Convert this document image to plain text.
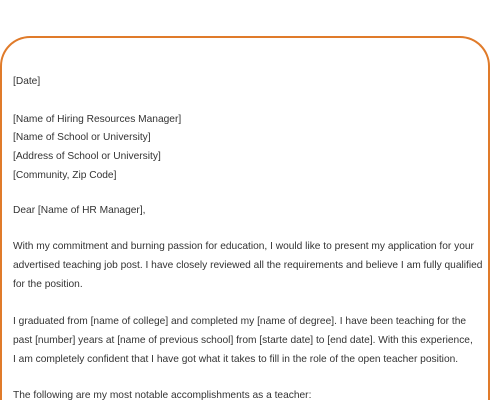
[Date]
[Name of Hiring Resources Manager]
[Name of School or University]
[Address of School or University]
[Community, Zip Code]
Dear [Name of HR Manager],
With my commitment and burning passion for education, I would like to present my application for your
advertised teaching job post. I have closely reviewed all the requirements and believe I am fully qualified
for the position.
I graduated from [name of college] and completed my [name of degree]. I have been teaching for the
past [number] years at [name of previous school] from [starte date] to [end date]. With this experience,
I am completely confident that I have got what it takes to fill in the role of the open teacher position.
The following are my most notable accomplishments as a teacher:
